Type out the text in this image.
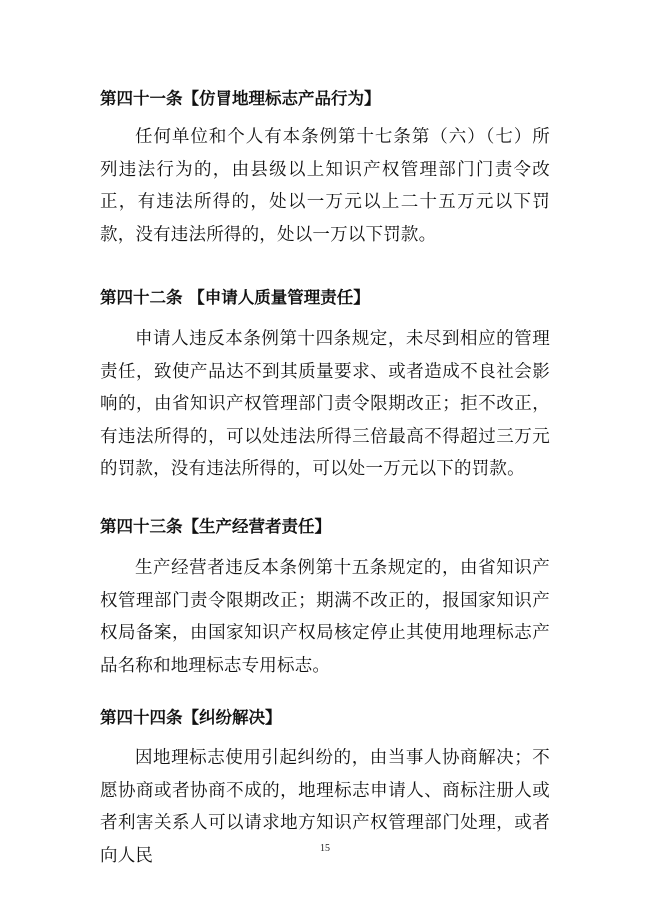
第四十一条【仿冒地理标志产品行为】

任何单位和个人有本条例第十七条第（六）（七）所列违法行为的，由县级以上知识产权管理部门门责令改正，有违法所得的，处以一万元以上二十五万元以下罚款，没有违法所得的，处以一万以下罚款。

第四十二条 【申请人质量管理责任】

申请人违反本条例第十四条规定，未尽到相应的管理责任，致使产品达不到其质量要求、或者造成不良社会影响的，由省知识产权管理部门责令限期改正；拒不改正，有违法所得的，可以处违法所得三倍最高不得超过三万元的罚款，没有违法所得的，可以处一万元以下的罚款。

第四十三条【生产经营者责任】

生产经营者违反本条例第十五条规定的，由省知识产权管理部门责令限期改正；期满不改正的，报国家知识产权局备案，由国家知识产权局核定停止其使用地理标志产品名称和地理标志专用标志。

第四十四条【纠纷解决】

因地理标志使用引起纠纷的，由当事人协商解决；不愿协商或者协商不成的，地理标志申请人、商标注册人或者利害关系人可以请求地方知识产权管理部门处理，或者向人民	15
